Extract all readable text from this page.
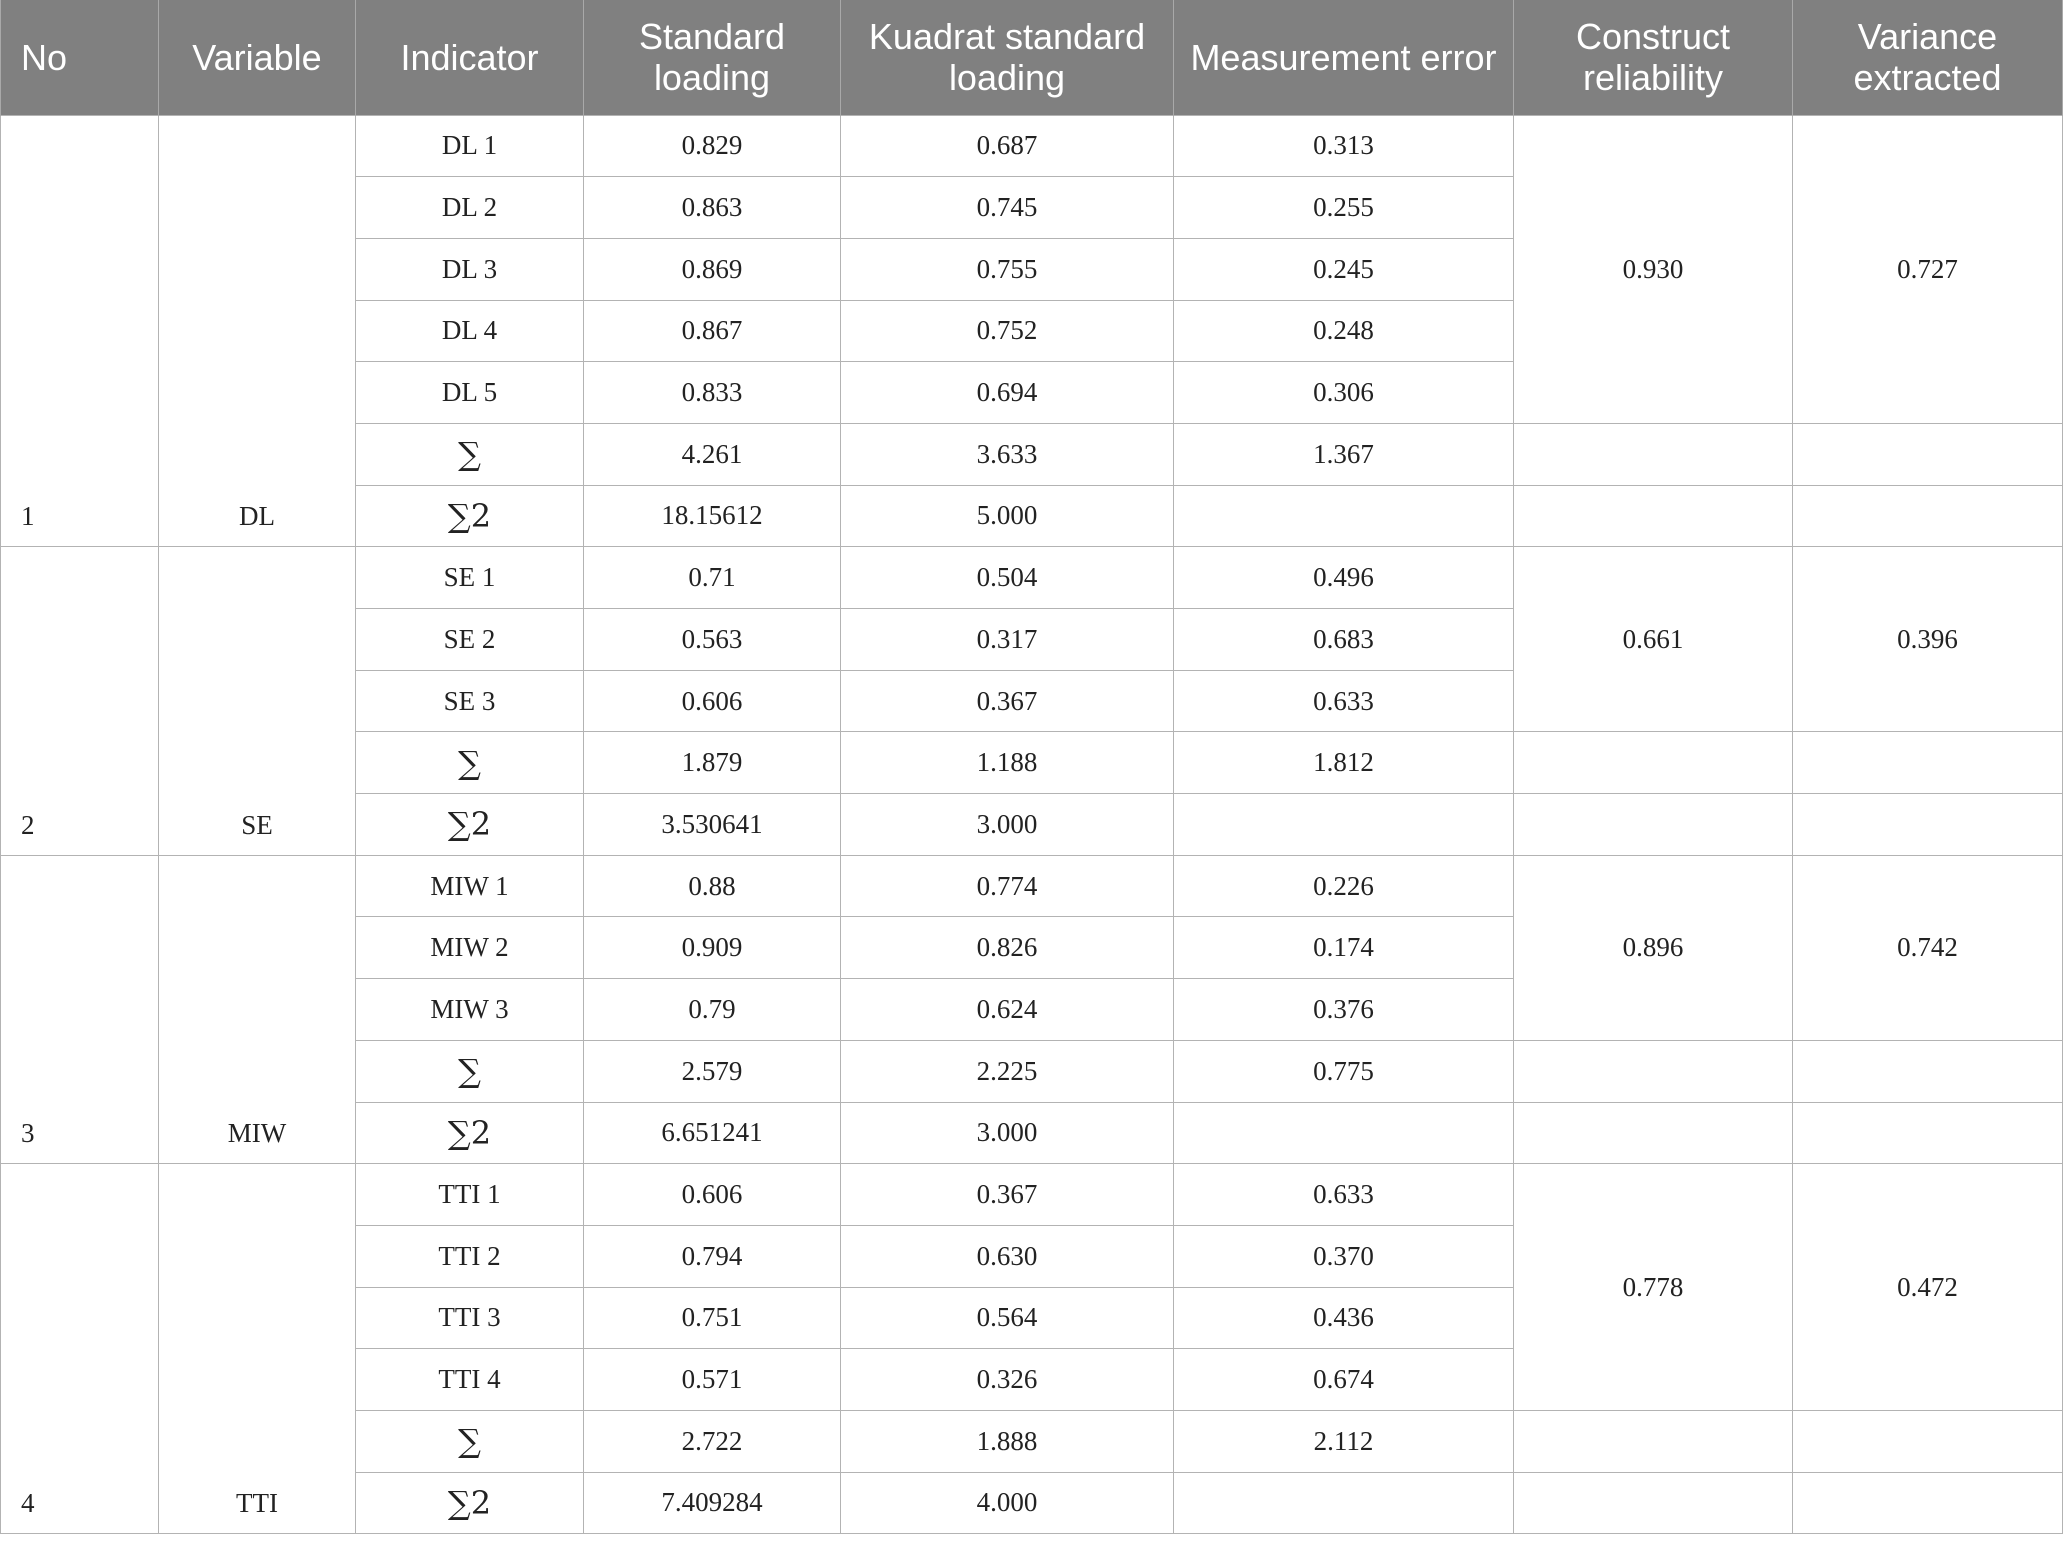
No	Variable	Indicator	Standard loading	Kuadrat standard loading	Measurement error	Construct reliability	Variance extracted
1	DL	DL 1	0.829	0.687	0.313	0.930	0.727
		DL 2	0.863	0.745	0.255		
		DL 3	0.869	0.755	0.245		
		DL 4	0.867	0.752	0.248		
		DL 5	0.833	0.694	0.306		
		∑	4.261	3.633	1.367		
		∑2	18.15612	5.000			
2	SE	SE 1	0.71	0.504	0.496	0.661	0.396
		SE 2	0.563	0.317	0.683		
		SE 3	0.606	0.367	0.633		
		∑	1.879	1.188	1.812		
		∑2	3.530641	3.000			
3	MIW	MIW 1	0.88	0.774	0.226	0.896	0.742
		MIW 2	0.909	0.826	0.174		
		MIW 3	0.79	0.624	0.376		
		∑	2.579	2.225	0.775		
		∑2	6.651241	3.000			
4	TTI	TTI 1	0.606	0.367	0.633	0.778	0.472
		TTI 2	0.794	0.630	0.370		
		TTI 3	0.751	0.564	0.436		
		TTI 4	0.571	0.326	0.674		
		∑	2.722	1.888	2.112		
		∑2	7.409284	4.000			
